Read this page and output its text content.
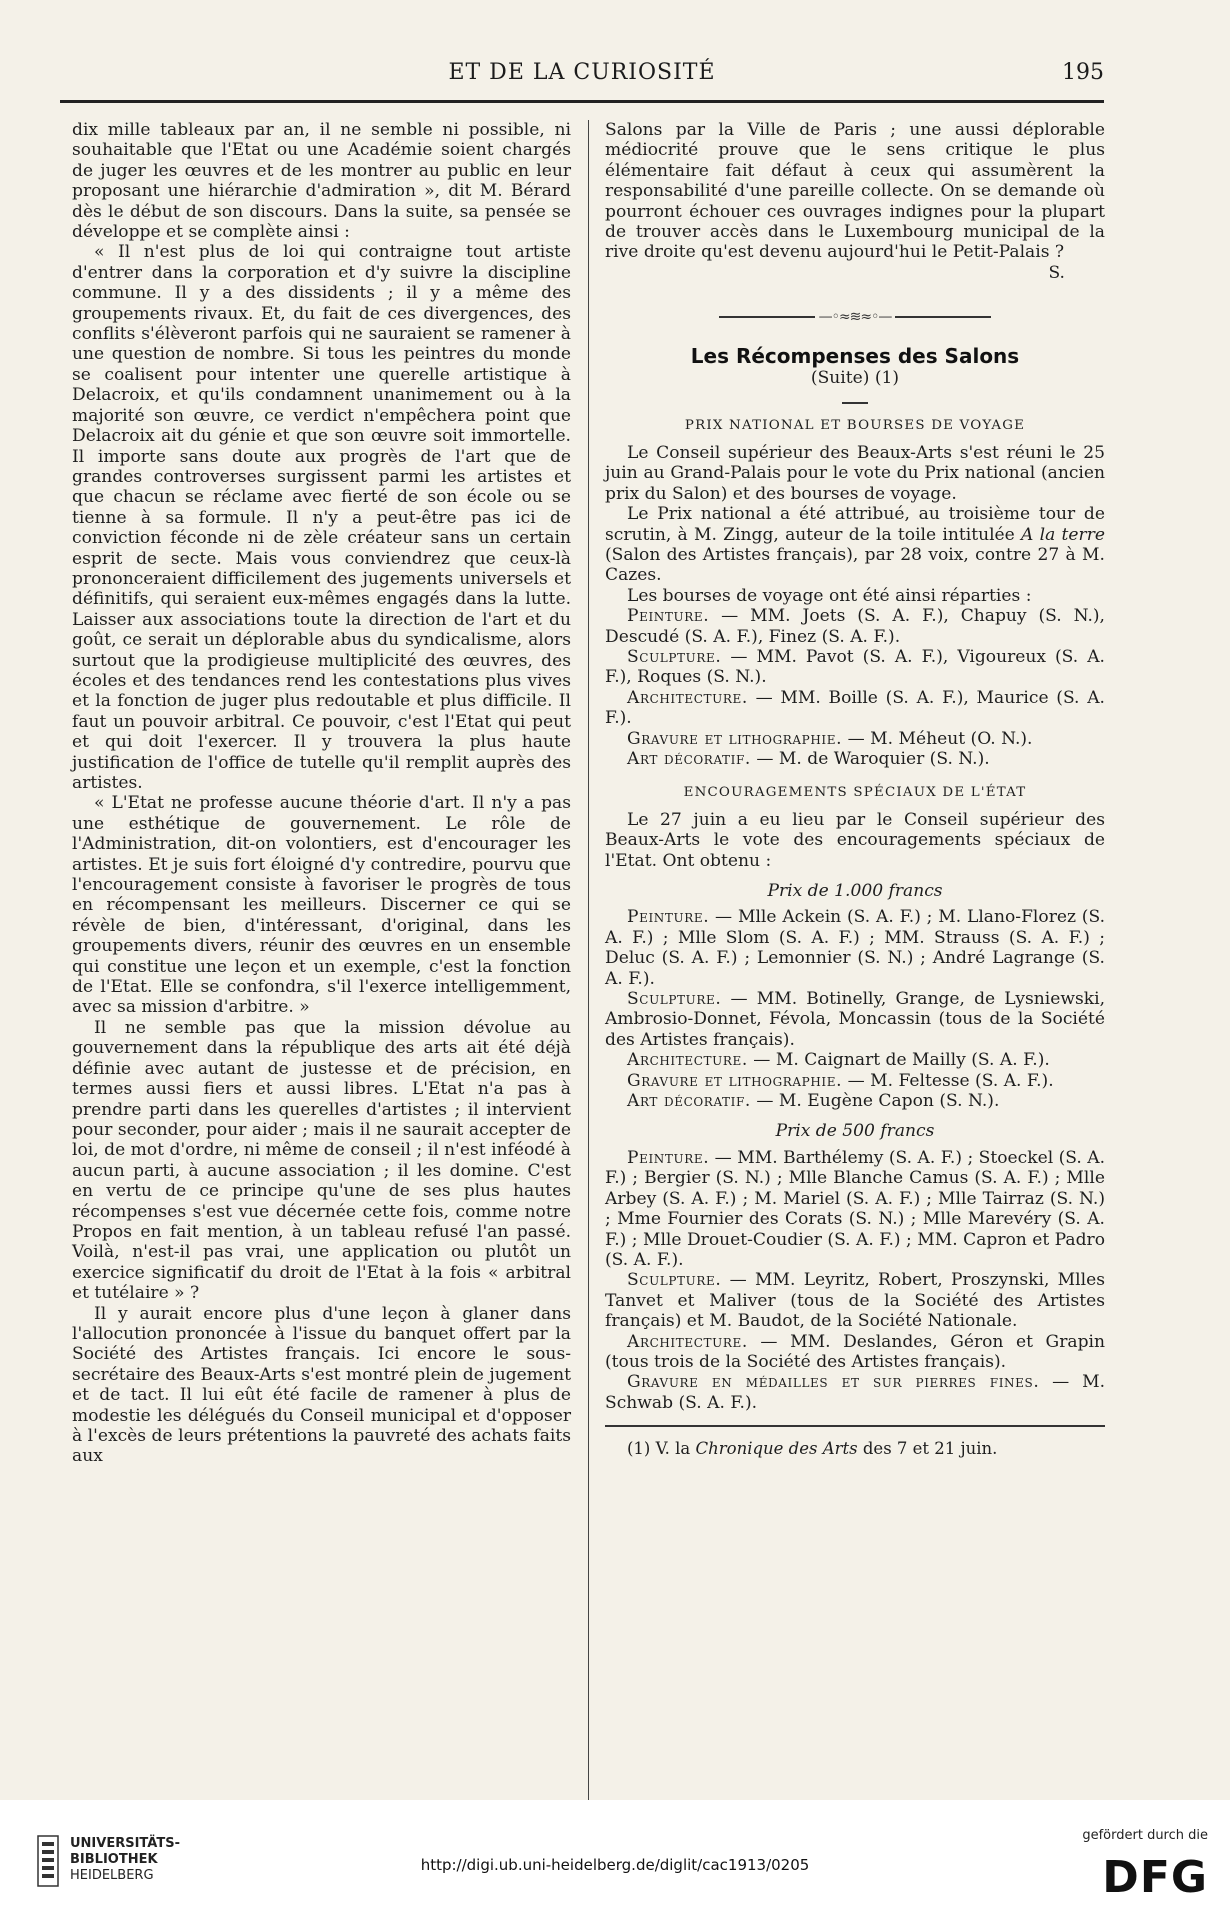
ET DE LA CURIOSITÉ	195

dix mille tableaux par an, il ne semble ni possible, ni souhaitable que l'Etat ou une Académie soient chargés de juger les œuvres et de les montrer au public en leur proposant une hiérarchie d'admiration », dit M. Bérard dès le début de son discours. Dans la suite, sa pensée se développe et se complète ainsi :

« Il n'est plus de loi qui contraigne tout artiste d'entrer dans la corporation et d'y suivre la discipline commune. Il y a des dissidents ; il y a même des groupements rivaux. Et, du fait de ces divergences, des conflits s'élèveront parfois qui ne sauraient se ramener à une question de nombre. Si tous les peintres du monde se coalisent pour intenter une querelle artistique à Delacroix, et qu'ils condamnent unanimement ou à la majorité son œuvre, ce verdict n'empêchera point que Delacroix ait du génie et que son œuvre soit immortelle. Il importe sans doute aux progrès de l'art que de grandes controverses surgissent parmi les artistes et que chacun se réclame avec fierté de son école ou se tienne à sa formule. Il n'y a peut-être pas ici de conviction féconde ni de zèle créateur sans un certain esprit de secte. Mais vous conviendrez que ceux-là prononceraient difficilement des jugements universels et définitifs, qui seraient eux-mêmes engagés dans la lutte. Laisser aux associations toute la direction de l'art et du goût, ce serait un déplorable abus du syndicalisme, alors surtout que la prodigieuse multiplicité des œuvres, des écoles et des tendances rend les contestations plus vives et la fonction de juger plus redoutable et plus difficile. Il faut un pouvoir arbitral. Ce pouvoir, c'est l'Etat qui peut et qui doit l'exercer. Il y trouvera la plus haute justification de l'office de tutelle qu'il remplit auprès des artistes.

« L'Etat ne professe aucune théorie d'art. Il n'y a pas une esthétique de gouvernement. Le rôle de l'Administration, dit-on volontiers, est d'encourager les artistes. Et je suis fort éloigné d'y contredire, pourvu que l'encouragement consiste à favoriser le progrès de tous en récompensant les meilleurs. Discerner ce qui se révèle de bien, d'intéressant, d'original, dans les groupements divers, réunir des œuvres en un ensemble qui constitue une leçon et un exemple, c'est la fonction de l'Etat. Elle se confondra, s'il l'exerce intelligemment, avec sa mission d'arbitre. »

Il ne semble pas que la mission dévolue au gouvernement dans la république des arts ait été déjà définie avec autant de justesse et de précision, en termes aussi fiers et aussi libres. L'Etat n'a pas à prendre parti dans les querelles d'artistes ; il intervient pour seconder, pour aider ; mais il ne saurait accepter de loi, de mot d'ordre, ni même de conseil ; il n'est inféodé à aucun parti, à aucune association ; il les domine. C'est en vertu de ce principe qu'une de ses plus hautes récompenses s'est vue décernée cette fois, comme notre Propos en fait mention, à un tableau refusé l'an passé. Voilà, n'est-il pas vrai, une application ou plutôt un exercice significatif du droit de l'Etat à la fois « arbitral et tutélaire » ?

Il y aurait encore plus d'une leçon à glaner dans l'allocution prononcée à l'issue du banquet offert par la Société des Artistes français. Ici encore le sous-secrétaire des Beaux-Arts s'est montré plein de jugement et de tact. Il lui eût été facile de ramener à plus de modestie les délégués du Conseil municipal et d'opposer à l'excès de leurs prétentions la pauvreté des achats faits aux

Salons par la Ville de Paris ; une aussi déplorable médiocrité prouve que le sens critique le plus élémentaire fait défaut à ceux qui assumèrent la responsabilité d'une pareille collecte. On se demande où pourront échouer ces ouvrages indignes pour la plupart de trouver accès dans le Luxembourg municipal de la rive droite qu'est devenu aujourd'hui le Petit-Palais ?

S.

—◦≈≋≈◦—
Les Récompenses des Salons
(Suite) (1)
PRIX NATIONAL ET BOURSES DE VOYAGE

Le Conseil supérieur des Beaux-Arts s'est réuni le 25 juin au Grand-Palais pour le vote du Prix national (ancien prix du Salon) et des bourses de voyage.

Le Prix national a été attribué, au troisième tour de scrutin, à M. Zingg, auteur de la toile intitulée A la terre (Salon des Artistes français), par 28 voix, contre 27 à M. Cazes.

Les bourses de voyage ont été ainsi réparties :

Peinture. — MM. Joets (S. A. F.), Chapuy (S. N.), Descudé (S. A. F.), Finez (S. A. F.).

Sculpture. — MM. Pavot (S. A. F.), Vigoureux (S. A. F.), Roques (S. N.).

Architecture. — MM. Boille (S. A. F.), Maurice (S. A. F.).

Gravure et lithographie. — M. Méheut (O. N.).

Art décoratif. — M. de Waroquier (S. N.).

ENCOURAGEMENTS SPÉCIAUX DE L'ÉTAT

Le 27 juin a eu lieu par le Conseil supérieur des Beaux-Arts le vote des encouragements spéciaux de l'Etat. Ont obtenu :

Prix de 1.000 francs

Peinture. — Mlle Ackein (S. A. F.) ; M. Llano-Florez (S. A. F.) ; Mlle Slom (S. A. F.) ; MM. Strauss (S. A. F.) ; Deluc (S. A. F.) ; Lemonnier (S. N.) ; André Lagrange (S. A. F.).

Sculpture. — MM. Botinelly, Grange, de Lysniewski, Ambrosio-Donnet, Févola, Moncassin (tous de la Société des Artistes français).

Architecture. — M. Caignart de Mailly (S. A. F.).

Gravure et lithographie. — M. Feltesse (S. A. F.).

Art décoratif. — M. Eugène Capon (S. N.).

Prix de 500 francs

Peinture. — MM. Barthélemy (S. A. F.) ; Stoeckel (S. A. F.) ; Bergier (S. N.) ; Mlle Blanche Camus (S. A. F.) ; Mlle Arbey (S. A. F.) ; M. Mariel (S. A. F.) ; Mlle Tairraz (S. N.) ; Mme Fournier des Corats (S. N.) ; Mlle Marevéry (S. A. F.) ; Mlle Drouet-Coudier (S. A. F.) ; MM. Capron et Padro (S. A. F.).

Sculpture. — MM. Leyritz, Robert, Proszynski, Mlles Tanvet et Maliver (tous de la Société des Artistes français) et M. Baudot, de la Société Nationale.

Architecture. — MM. Deslandes, Géron et Grapin (tous trois de la Société des Artistes français).

Gravure en médailles et sur pierres fines. — M. Schwab (S. A. F.).

(1) V. la Chronique des Arts des 7 et 21 juin.

UNIVERSITÄTS-
BIBLIOTHEK
HEIDELBERG
http://digi.ub.uni-heidelberg.de/diglit/cac1913/0205
gefördert durch die
DFG
